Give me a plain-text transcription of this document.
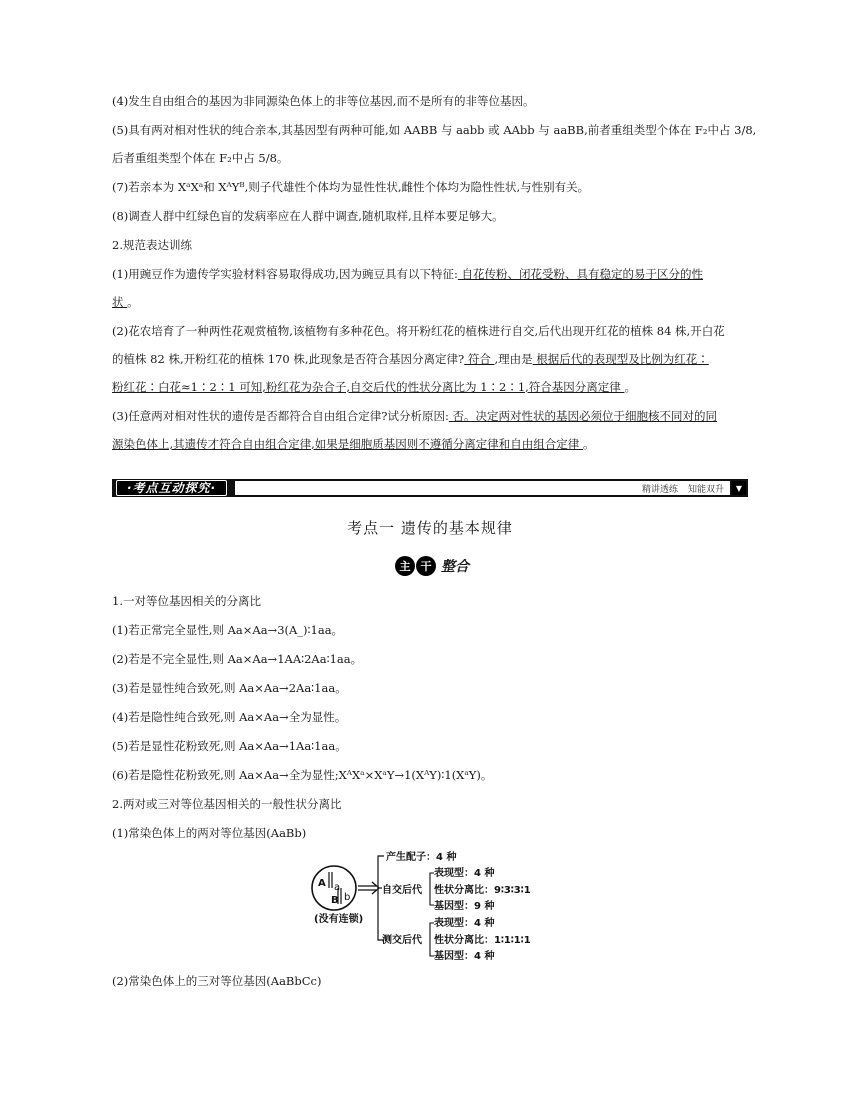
(4)发生自由组合的基因为非同源染色体上的非等位基因,而不是所有的非等位基因。

(5)具有两对相对性状的纯合亲本,其基因型有两种可能,如 AABB 与 aabb 或 AAbb 与 aaBB,前者重组类型个体在 F₂中占 3/8,

后者重组类型个体在 F₂中占 5/8。

(7)若亲本为 XᵃXᵃ和 XᴬYᴮ,则子代雄性个体均为显性性状,雌性个体均为隐性性状,与性别有关。

(8)调查人群中红绿色盲的发病率应在人群中调查,随机取样,且样本要足够大。

2.规范表达训练

(1)用豌豆作为遗传学实验材料容易取得成功,因为豌豆具有以下特征: 自花传粉、闭花受粉、具有稳定的易于区分的性

状 。

(2)花农培育了一种两性花观赏植物,该植物有多种花色。将开粉红花的植株进行自交,后代出现开红花的植株 84 株,开白花

的植株 82 株,开粉红花的植株 170 株,此现象是否符合基因分离定律? 符合 ,理由是 根据后代的表现型及比例为红花∶

粉红花∶白花≈1∶2∶1 可知,粉红花为杂合子,自交后代的性状分离比为 1∶2∶1,符合基因分离定律 。

(3)任意两对相对性状的遗传是否都符合自由组合定律?试分析原因: 否。决定两对性状的基因必须位于细胞核不同对的同

源染色体上,其遗传才符合自由组合定律,如果是细胞质基因则不遵循分离定律和自由组合定律 。

·考点互动探究·	精讲透练 知能双升	▼
考点一 遗传的基本规律
主 干 整合

1.一对等位基因相关的分离比

(1)若正常完全显性,则 Aa×Aa→3(A_)∶1aa。

(2)若是不完全显性,则 Aa×Aa→1AA∶2Aa∶1aa。

(3)若是显性纯合致死,则 Aa×Aa→2Aa∶1aa。

(4)若是隐性纯合致死,则 Aa×Aa→全为显性。

(5)若是显性花粉致死,则 Aa×Aa→1Aa∶1aa。

(6)若是隐性花粉致死,则 Aa×Aa→全为显性;XᴬXᵃ×XᵃY→1(XᴬY)∶1(XᵃY)。

2.两对或三对等位基因相关的一般性状分离比

(1)常染色体上的两对等位基因(AaBb)

A a
B b
(没有连锁)
产生配子：4 种
自交后代
测交后代
表现型：4 种
性状分离比：9∶3∶3∶1
基因型：9 种
表现型：4 种
性状分离比：1∶1∶1∶1
基因型：4 种

(2)常染色体上的三对等位基因(AaBbCc)
